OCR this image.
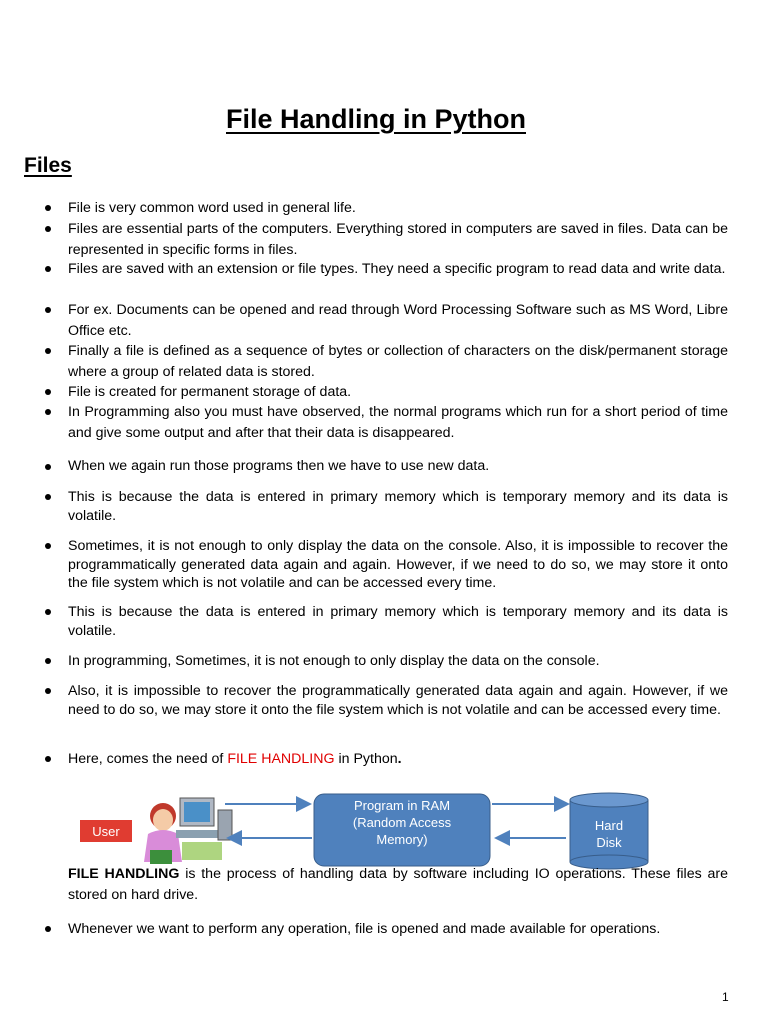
File Handling in Python
Files
File is very common word used in general life.
Files are essential parts of the computers. Everything stored in computers are saved in files. Data can be represented in specific forms in files.
Files are saved with an extension or file types. They need a specific program to read data and write data.
For ex. Documents can be opened and read through Word Processing Software such as MS Word, Libre Office etc.
Finally a file is defined as a sequence of bytes or collection of characters on the disk/permanent storage where a group of related data is stored.
File is created for permanent storage of data.
In Programming also you must have observed, the normal programs which run for a short period of time and give some output and after that their data is disappeared.
When we again run those programs then we have to use new data.
This is because the data is entered in primary memory which is temporary memory and its data is volatile.
Sometimes, it is not enough to only display the data on the console. Also, it is impossible to recover the programmatically generated data again and again. However, if we need to do so, we may store it onto the file system which is not volatile and can be accessed every time.
This is because the data is entered in primary memory which is temporary memory and its data is volatile.
In programming, Sometimes, it is not enough to only display the data on the console.
Also, it is impossible to recover the programmatically generated data again and again. However, if we need to do so, we may store it onto the file system which is not volatile and can be accessed every time.
Here, comes the need of FILE HANDLING in Python.
User
Program in RAM
(Random Access
Memory)
Hard
Disk
FILE HANDLING is the process of handling data by software including IO operations. These files are stored on hard drive.
Whenever we want to perform any operation, file is opened and made available for operations.
1
